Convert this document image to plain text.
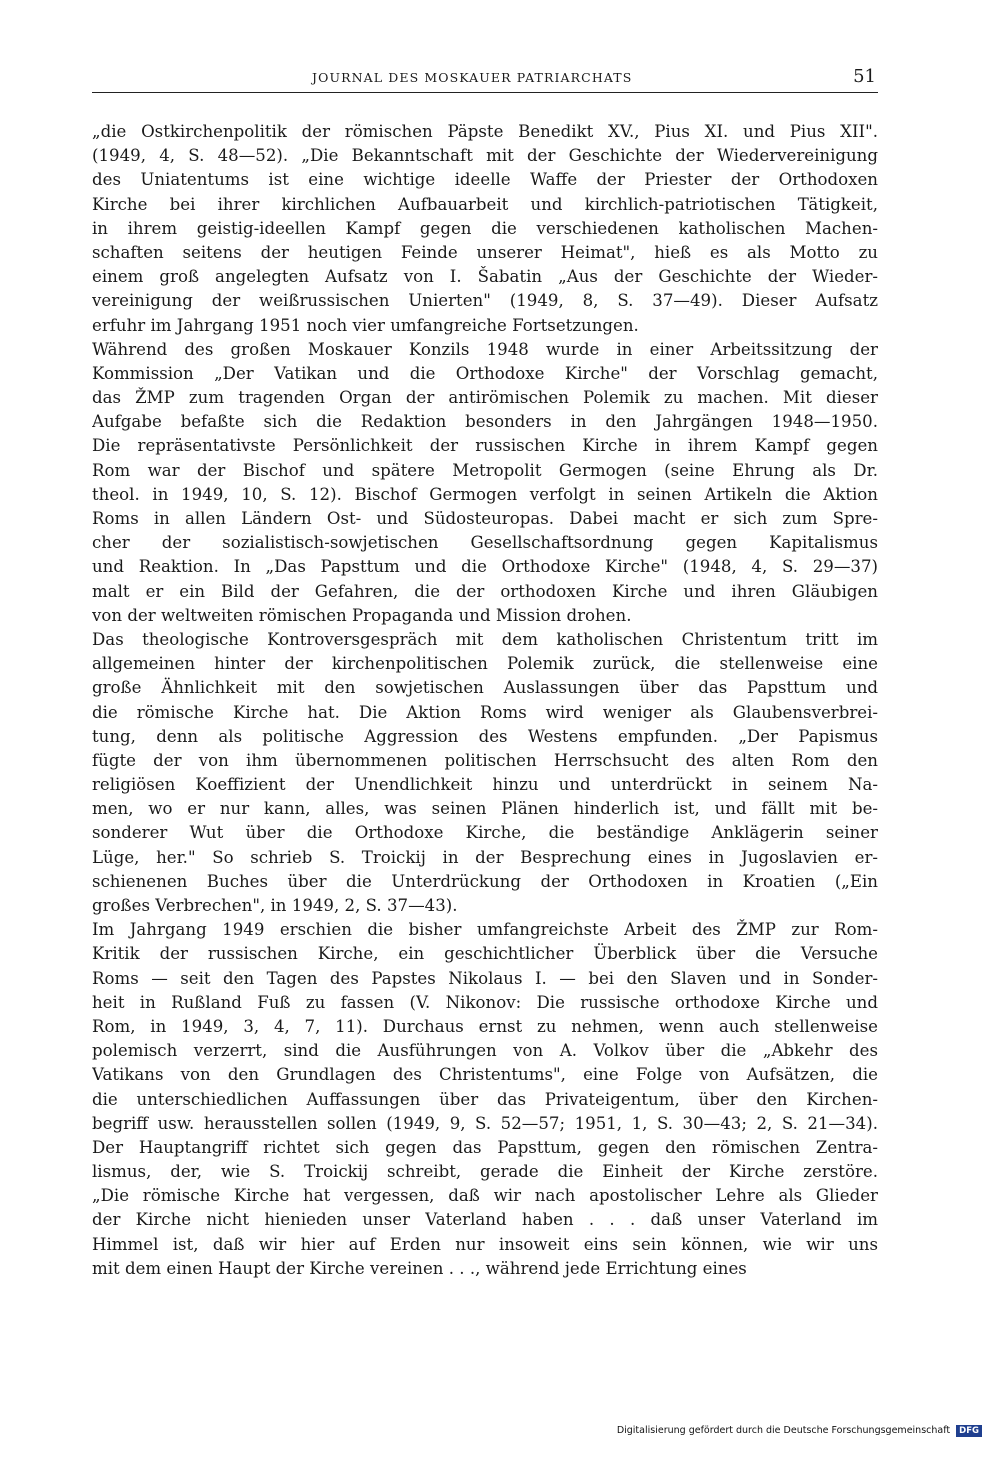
JOURNAL DES MOSKAUER PATRIARCHATS	51
„die Ostkirchenpolitik der römischen Päpste Benedikt XV., Pius XI. und Pius XII".
(1949, 4, S. 48—52). „Die Bekanntschaft mit der Geschichte der Wiedervereinigung
des Uniatentums ist eine wichtige ideelle Waffe der Priester der Orthodoxen
Kirche bei ihrer kirchlichen Aufbauarbeit und kirchlich-patriotischen Tätigkeit,
in ihrem geistig-ideellen Kampf gegen die verschiedenen katholischen Machen-
schaften seitens der heutigen Feinde unserer Heimat", hieß es als Motto zu
einem groß angelegten Aufsatz von I. Šabatin „Aus der Geschichte der Wieder-
vereinigung der weißrussischen Unierten" (1949, 8, S. 37—49). Dieser Aufsatz
erfuhr im Jahrgang 1951 noch vier umfangreiche Fortsetzungen.
Während des großen Moskauer Konzils 1948 wurde in einer Arbeitssitzung der
Kommission „Der Vatikan und die Orthodoxe Kirche" der Vorschlag gemacht,
das ŽMP zum tragenden Organ der antirömischen Polemik zu machen. Mit dieser
Aufgabe befaßte sich die Redaktion besonders in den Jahrgängen 1948—1950.
Die repräsentativste Persönlichkeit der russischen Kirche in ihrem Kampf gegen
Rom war der Bischof und spätere Metropolit Germogen (seine Ehrung als Dr.
theol. in 1949, 10, S. 12). Bischof Germogen verfolgt in seinen Artikeln die Aktion
Roms in allen Ländern Ost- und Südosteuropas. Dabei macht er sich zum Spre-
cher der sozialistisch-sowjetischen Gesellschaftsordnung gegen Kapitalismus
und Reaktion. In „Das Papsttum und die Orthodoxe Kirche" (1948, 4, S. 29—37)
malt er ein Bild der Gefahren, die der orthodoxen Kirche und ihren Gläubigen
von der weltweiten römischen Propaganda und Mission drohen.
Das theologische Kontroversgespräch mit dem katholischen Christentum tritt im
allgemeinen hinter der kirchenpolitischen Polemik zurück, die stellenweise eine
große Ähnlichkeit mit den sowjetischen Auslassungen über das Papsttum und
die römische Kirche hat. Die Aktion Roms wird weniger als Glaubensverbrei-
tung, denn als politische Aggression des Westens empfunden. „Der Papismus
fügte der von ihm übernommenen politischen Herrschsucht des alten Rom den
religiösen Koeffizient der Unendlichkeit hinzu und unterdrückt in seinem Na-
men, wo er nur kann, alles, was seinen Plänen hinderlich ist, und fällt mit be-
sonderer Wut über die Orthodoxe Kirche, die beständige Anklägerin seiner
Lüge, her." So schrieb S. Troickij in der Besprechung eines in Jugoslavien er-
schienenen Buches über die Unterdrückung der Orthodoxen in Kroatien („Ein
großes Verbrechen", in 1949, 2, S. 37—43).
Im Jahrgang 1949 erschien die bisher umfangreichste Arbeit des ŽMP zur Rom-
Kritik der russischen Kirche, ein geschichtlicher Überblick über die Versuche
Roms — seit den Tagen des Papstes Nikolaus I. — bei den Slaven und in Sonder-
heit in Rußland Fuß zu fassen (V. Nikonov: Die russische orthodoxe Kirche und
Rom, in 1949, 3, 4, 7, 11). Durchaus ernst zu nehmen, wenn auch stellenweise
polemisch verzerrt, sind die Ausführungen von A. Volkov über die „Abkehr des
Vatikans von den Grundlagen des Christentums", eine Folge von Aufsätzen, die
die unterschiedlichen Auffassungen über das Privateigentum, über den Kirchen-
begriff usw. herausstellen sollen (1949, 9, S. 52—57; 1951, 1, S. 30—43; 2, S. 21—34).
Der Hauptangriff richtet sich gegen das Papsttum, gegen den römischen Zentra-
lismus, der, wie S. Troickij schreibt, gerade die Einheit der Kirche zerstöre.
„Die römische Kirche hat vergessen, daß wir nach apostolischer Lehre als Glieder
der Kirche nicht hienieden unser Vaterland haben . . . daß unser Vaterland im
Himmel ist, daß wir hier auf Erden nur insoweit eins sein können, wie wir uns
mit dem einen Haupt der Kirche vereinen . . ., während jede Errichtung eines
Digitalisierung gefördert durch die Deutsche Forschungsgemeinschaft DFG
